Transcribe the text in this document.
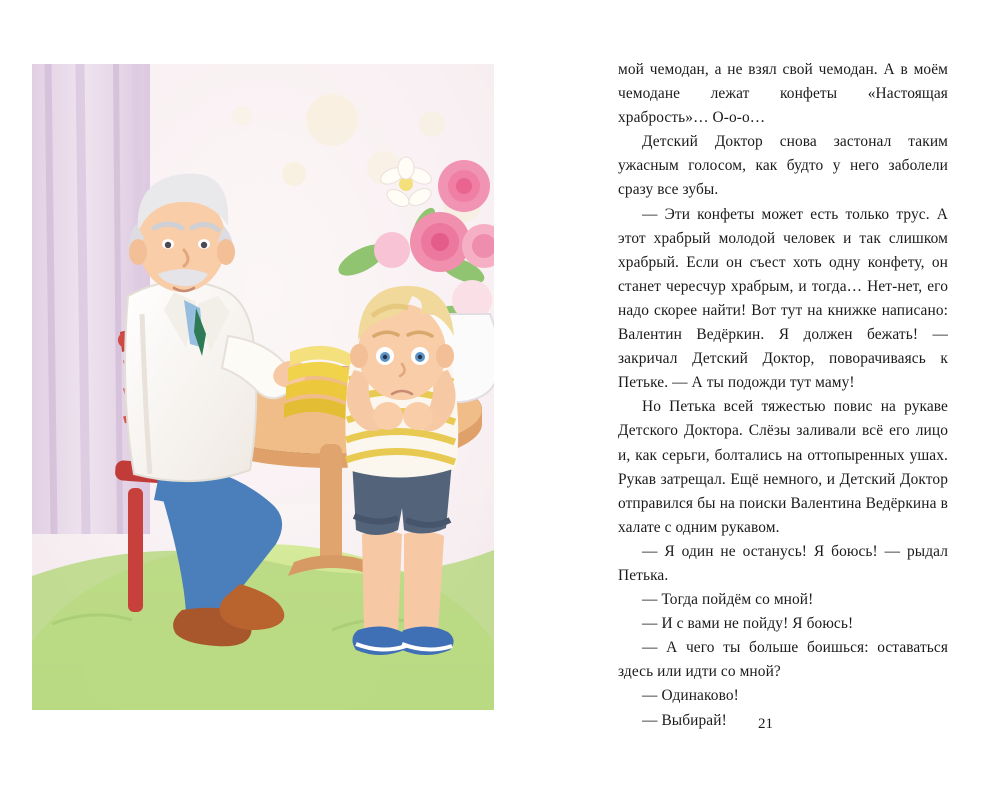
мой чемодан, а не взял свой чемодан. А в моём чемодане лежат конфеты «Настоящая храбрость»… О-о-о…

Детский Доктор снова застонал таким ужасным голосом, как будто у него заболели сразу все зубы.

— Эти конфеты может есть только трус. А этот храбрый молодой человек и так слишком храбрый. Если он съест хоть одну конфету, он станет чересчур храбрым, и тогда… Нет-нет, его надо скорее найти! Вот тут на книжке написано: Валентин Ведёркин. Я должен бежать! — закричал Детский Доктор, поворачиваясь к Петьке. — А ты подожди тут маму!

Но Петька всей тяжестью повис на рукаве Детского Доктора. Слёзы заливали всё его лицо и, как серьги, болтались на оттопыренных ушах. Рукав затрещал. Ещё немного, и Детский Доктор отправился бы на поиски Валентина Ведёркина в халате с одним рукавом.

— Я один не останусь! Я боюсь! — рыдал Петька.

— Тогда пойдём со мной!

— И с вами не пойду! Я боюсь!

— А чего ты больше боишься: оставаться здесь или идти со мной?

— Одинаково!

— Выбирай!	21
